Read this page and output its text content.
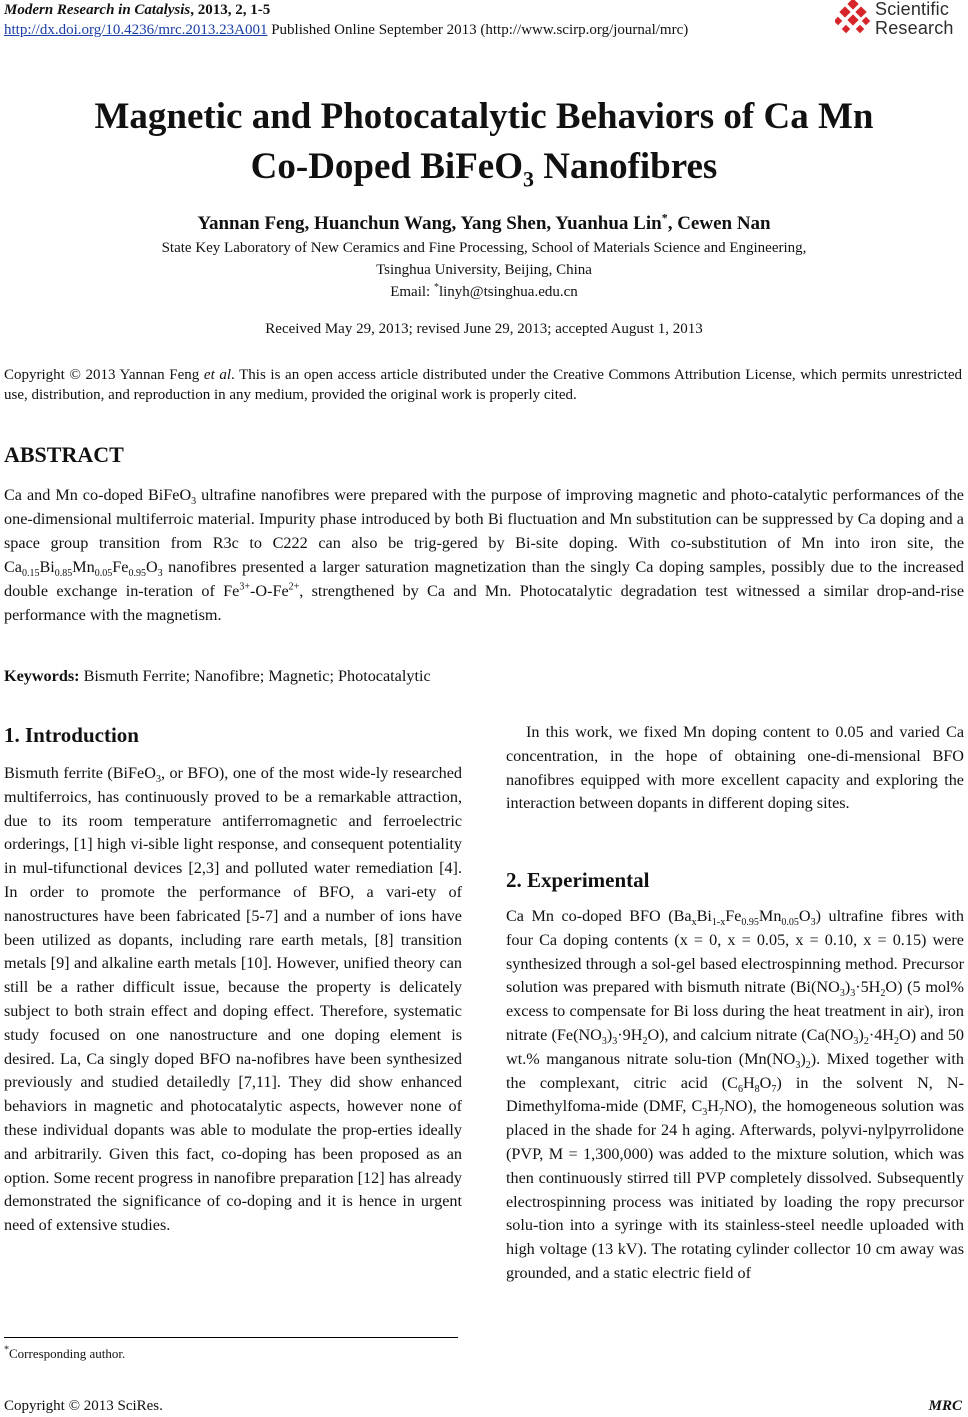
Modern Research in Catalysis, 2013, 2, 1-5
http://dx.doi.org/10.4236/mrc.2013.23A001 Published Online September 2013 (http://www.scirp.org/journal/mrc)
Scientific
Research
Magnetic and Photocatalytic Behaviors of Ca Mn
Co-Doped BiFeO$_3$ Nanofibres
Yannan Feng, Huanchun Wang, Yang Shen, Yuanhua Lin*, Cewen Nan
State Key Laboratory of New Ceramics and Fine Processing, School of Materials Science and Engineering,
Tsinghua University, Beijing, China
Email: *linyh@tsinghua.edu.cn
Received May 29, 2013; revised June 29, 2013; accepted August 1, 2013
Copyright © 2013 Yannan Feng et al. This is an open access article distributed under the Creative Commons Attribution License, which permits unrestricted use, distribution, and reproduction in any medium, provided the original work is properly cited.
ABSTRACT
Ca and Mn co-doped BiFeO$_3$ ultrafine nanofibres were prepared with the purpose of improving magnetic and photo-catalytic performances of the one-dimensional multiferroic material. Impurity phase introduced by both Bi fluctuation and Mn substitution can be suppressed by Ca doping and a space group transition from R3c to C222 can also be trig-gered by Bi-site doping. With co-substitution of Mn into iron site, the $Ca_{0.15}Bi_{0.85}Mn_{0.05}Fe_{0.95}O_3$ nanofibres presented a larger saturation magnetization than the singly Ca doping samples, possibly due to the increased double exchange in-teration of $Fe^{3+}-O-Fe^{2+}$, strengthened by Ca and Mn. Photocatalytic degradation test witnessed a similar drop-and-rise performance with the magnetism.
Keywords: Bismuth Ferrite; Nanofibre; Magnetic; Photocatalytic
1. Introduction
Bismuth ferrite (BiFeO$_3$, or BFO), one of the most wide-ly researched multiferroics, has continuously proved to be a remarkable attraction, due to its room temperature antiferromagnetic and ferroelectric orderings, [1] high vi-sible light response, and consequent potentiality in mul-tifunctional devices [2,3] and polluted water remediation [4]. In order to promote the performance of BFO, a vari-ety of nanostructures have been fabricated [5-7] and a number of ions have been utilized as dopants, including rare earth metals, [8] transition metals [9] and alkaline earth metals [10]. However, unified theory can still be a rather difficult issue, because the property is delicately subject to both strain effect and doping effect. Therefore, systematic study focused on one nanostructure and one doping element is desired. La, Ca singly doped BFO na-nofibres have been synthesized previously and studied detailedly [7,11]. They did show enhanced behaviors in magnetic and photocatalytic aspects, however none of these individual dopants was able to modulate the prop-erties ideally and arbitrarily. Given this fact, co-doping has been proposed as an option. Some recent progress in nanofibre preparation [12] has already demonstrated the significance of co-doping and it is hence in urgent need of extensive studies.
In this work, we fixed Mn doping content to 0.05 and varied Ca concentration, in the hope of obtaining one-di-mensional BFO nanofibres equipped with more excellent capacity and exploring the interaction between dopants in different doping sites.
2. Experimental
Ca Mn co-doped BFO $(Ba_xBi_{1-x}Fe_{0.95}Mn_{0.05}O_3)$ ultrafine fibres with four Ca doping contents (x = 0, x = 0.05, x = 0.10, x = 0.15) were synthesized through a sol-gel based electrospinning method. Precursor solution was prepared with bismuth nitrate $(Bi(NO_3)_3\cdot 5H_2O)$ (5 mol% excess to compensate for Bi loss during the heat treatment in air), iron nitrate $(Fe(NO_3)_3\cdot 9H_2O)$, and calcium nitrate $(Ca(NO_3)_2\cdot 4H_2O)$ and 50 wt.% manganous nitrate solu-tion $(Mn(NO_3)_2)$. Mixed together with the complexant, citric acid $(C_6H_8O_7)$ in the solvent N, N-Dimethylfoma-mide (DMF, $C_3H_7NO$), the homogeneous solution was placed in the shade for 24 h aging. Afterwards, polyvi-nylpyrrolidone (PVP, M = 1,300,000) was added to the mixture solution, which was then continuously stirred till PVP completely dissolved. Subsequently electrospinning process was initiated by loading the ropy precursor solu-tion into a syringe with its stainless-steel needle uploaded with high voltage (13 kV). The rotating cylinder collector 10 cm away was grounded, and a static electric field of
*Corresponding author.
Copyright © 2013 SciRes.	MRC
